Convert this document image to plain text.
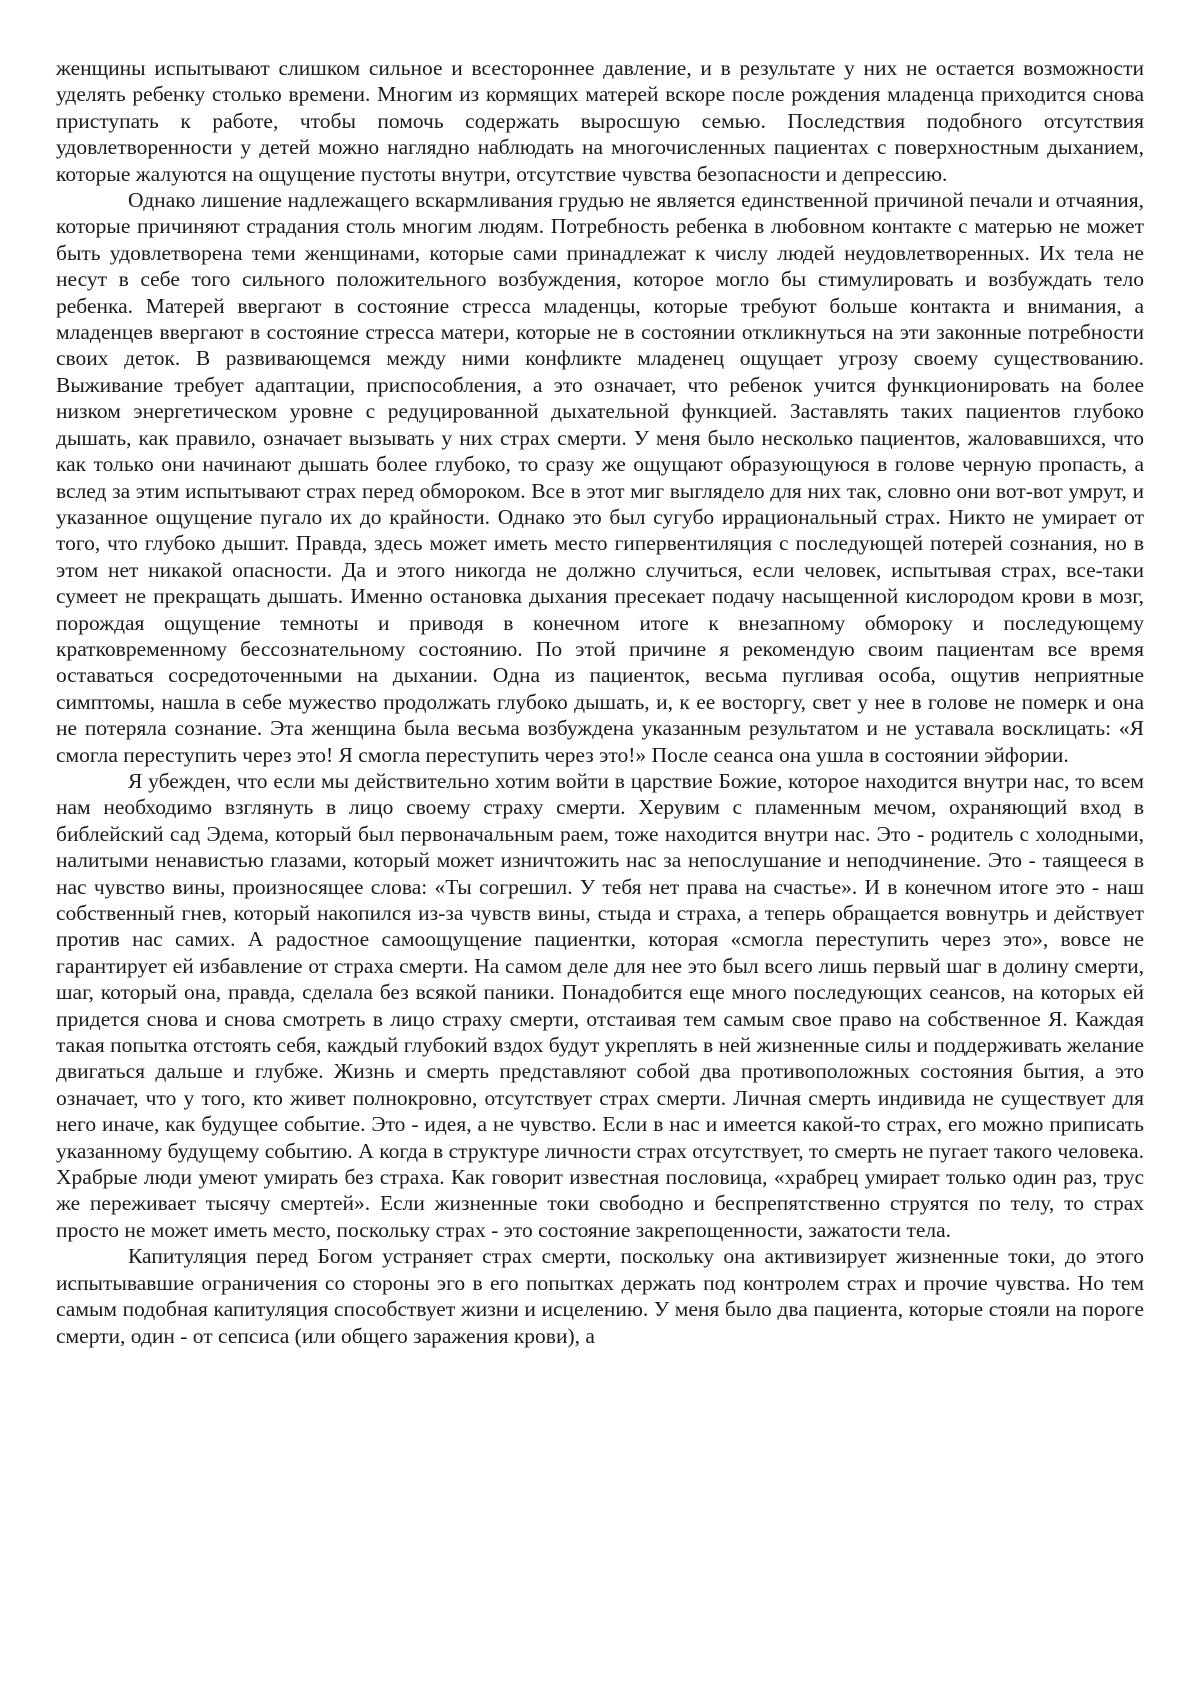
женщины испытывают слишком сильное и всестороннее давление, и в результате у них не остается возможности уделять ребенку столько времени. Многим из кормящих матерей вскоре после рождения младенца приходится снова приступать к работе, чтобы помочь содержать выросшую семью. Последствия подобного отсутствия удовлетворенности у детей можно наглядно наблюдать на многочисленных пациентах с поверхностным дыханием, которые жалуются на ощущение пустоты внутри, отсутствие чувства безопасности и депрессию.

Однако лишение надлежащего вскармливания грудью не является единственной причиной печали и отчаяния, которые причиняют страдания столь многим людям. Потребность ребенка в любовном контакте с матерью не может быть удовлетворена теми женщинами, которые сами принадлежат к числу людей неудовлетворенных. Их тела не несут в себе того сильного положительного возбуждения, которое могло бы стимулировать и возбуждать тело ребенка. Матерей ввергают в состояние стресса младенцы, которые требуют больше контакта и внимания, а младенцев ввергают в состояние стресса матери, которые не в состоянии откликнуться на эти законные потребности своих деток. В развивающемся между ними конфликте младенец ощущает угрозу своему существованию. Выживание требует адаптации, приспособления, а это означает, что ребенок учится функционировать на более низком энергетическом уровне с редуцированной дыхательной функцией. Заставлять таких пациентов глубоко дышать, как правило, означает вызывать у них страх смерти. У меня было несколько пациентов, жаловавшихся, что как только они начинают дышать более глубоко, то сразу же ощущают образующуюся в голове черную пропасть, а вслед за этим испытывают страх перед обмороком. Все в этот миг выглядело для них так, словно они вот-вот умрут, и указанное ощущение пугало их до крайности. Однако это был сугубо иррациональный страх. Никто не умирает от того, что глубоко дышит. Правда, здесь может иметь место гипервентиляция с последующей потерей сознания, но в этом нет никакой опасности. Да и этого никогда не должно случиться, если человек, испытывая страх, все-таки сумеет не прекращать дышать. Именно остановка дыхания пресекает подачу насыщенной кислородом крови в мозг, порождая ощущение темноты и приводя в конечном итоге к внезапному обмороку и последующему кратковременному бессознательному состоянию. По этой причине я рекомендую своим пациентам все время оставаться сосредоточенными на дыхании. Одна из пациенток, весьма пугливая особа, ощутив неприятные симптомы, нашла в себе мужество продолжать глубоко дышать, и, к ее восторгу, свет у нее в голове не померк и она не потеряла сознание. Эта женщина была весьма возбуждена указанным результатом и не уставала восклицать: «Я смогла переступить через это! Я смогла переступить через это!» После сеанса она ушла в состоянии эйфории.

Я убежден, что если мы действительно хотим войти в царствие Божие, которое находится внутри нас, то всем нам необходимо взглянуть в лицо своему страху смерти. Херувим с пламенным мечом, охраняющий вход в библейский сад Эдема, который был первоначальным раем, тоже находится внутри нас. Это - родитель с холодными, налитыми ненавистью глазами, который может изничтожить нас за непослушание и неподчинение. Это - таящееся в нас чувство вины, произносящее слова: «Ты согрешил. У тебя нет права на счастье». И в конечном итоге это - наш собственный гнев, который накопился из-за чувств вины, стыда и страха, а теперь обращается вовнутрь и действует против нас самих. А радостное самоощущение пациентки, которая «смогла переступить через это», вовсе не гарантирует ей избавление от страха смерти. На самом деле для нее это был всего лишь первый шаг в долину смерти, шаг, который она, правда, сделала без всякой паники. Понадобится еще много последующих сеансов, на которых ей придется снова и снова смотреть в лицо страху смерти, отстаивая тем самым свое право на собственное Я. Каждая такая попытка отстоять себя, каждый глубокий вздох будут укреплять в ней жизненные силы и поддерживать желание двигаться дальше и глубже. Жизнь и смерть представляют собой два противоположных состояния бытия, а это означает, что у того, кто живет полнокровно, отсутствует страх смерти. Личная смерть индивида не существует для него иначе, как будущее событие. Это - идея, а не чувство. Если в нас и имеется какой-то страх, его можно приписать указанному будущему событию. А когда в структуре личности страх отсутствует, то смерть не пугает такого человека. Храбрые люди умеют умирать без страха. Как говорит известная пословица, «храбрец умирает только один раз, трус же переживает тысячу смертей». Если жизненные токи свободно и беспрепятственно струятся по телу, то страх просто не может иметь место, поскольку страх - это состояние закрепощенности, зажатости тела.

Капитуляция перед Богом устраняет страх смерти, поскольку она активизирует жизненные токи, до этого испытывавшие ограничения со стороны эго в его попытках держать под контролем страх и прочие чувства. Но тем самым подобная капитуляция способствует жизни и исцелению. У меня было два пациента, которые стояли на пороге смерти, один - от сепсиса (или общего заражения крови), а
